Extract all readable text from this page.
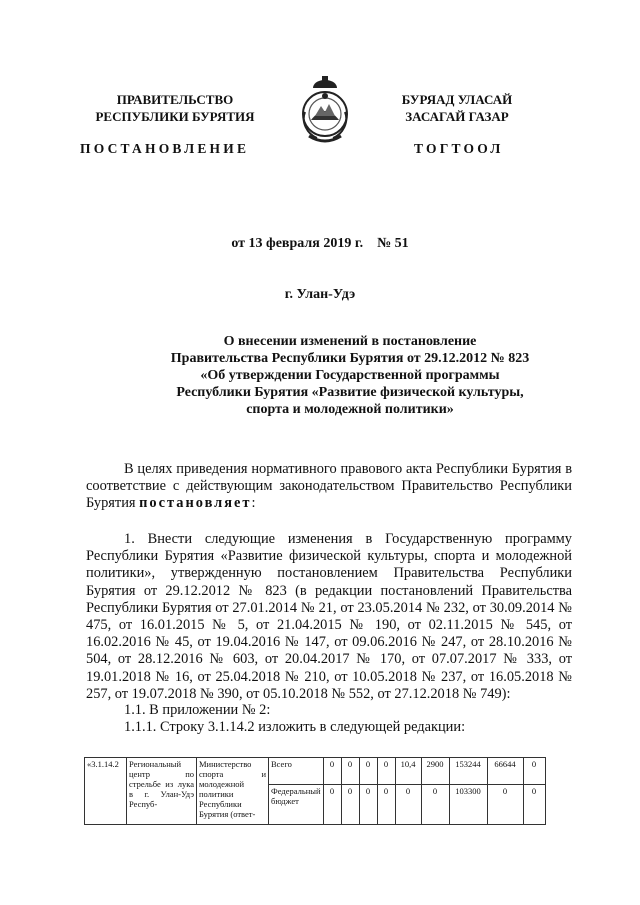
ПРАВИТЕЛЬСТВО
РЕСПУБЛИКИ БУРЯТИЯ
БУРЯАД УЛАСАЙ
ЗАСАГАЙ ГАЗАР
ПОСТАНОВЛЕНИЕ	ТОГТООЛ
от 13 февраля 2019 г.    № 51
г. Улан-Удэ
О внесении изменений в постановление
Правительства Республики Бурятия от 29.12.2012 № 823
«Об утверждении Государственной программы
Республики Бурятия «Развитие физической культуры,
спорта и молодежной политики»
В целях приведения нормативного правового акта Республики Бурятия в соответствие с действующим законодательством Правительство Республики Бурятия постановляет:
1. Внести следующие изменения в Государственную программу Республики Бурятия «Развитие физической культуры, спорта и молодежной политики», утвержденную постановлением Правительства Республики Бурятия от 29.12.2012 № 823 (в редакции постановлений Правительства Республики Бурятия от 27.01.2014 № 21, от 23.05.2014 № 232, от 30.09.2014 № 475, от 16.01.2015 № 5, от 21.04.2015 № 190, от 02.11.2015 № 545, от 16.02.2016 № 45, от 19.04.2016 № 147, от 09.06.2016 № 247, от 28.10.2016 № 504, от 28.12.2016 № 603, от 20.04.2017 № 170, от 07.07.2017 № 333, от 19.01.2018 № 16, от 25.04.2018 № 210, от 10.05.2018 № 237, от 16.05.2018 № 257, от 19.07.2018 № 390, от 05.10.2018 № 552, от 27.12.2018 № 749):
1.1. В приложении № 2:
1.1.1. Строку 3.1.14.2 изложить в следующей редакции:
«3.1.14.2	Региональный центр по стрельбе из лука в г. Улан-Удэ Респуб-	Министерство спорта и молодежной политики Республики Бурятия (ответ-	Всего	0	0	0	0	10,4	2900	153244	66644	0
			Федеральный бюджет	0	0	0	0	0	0	103300	0	0
